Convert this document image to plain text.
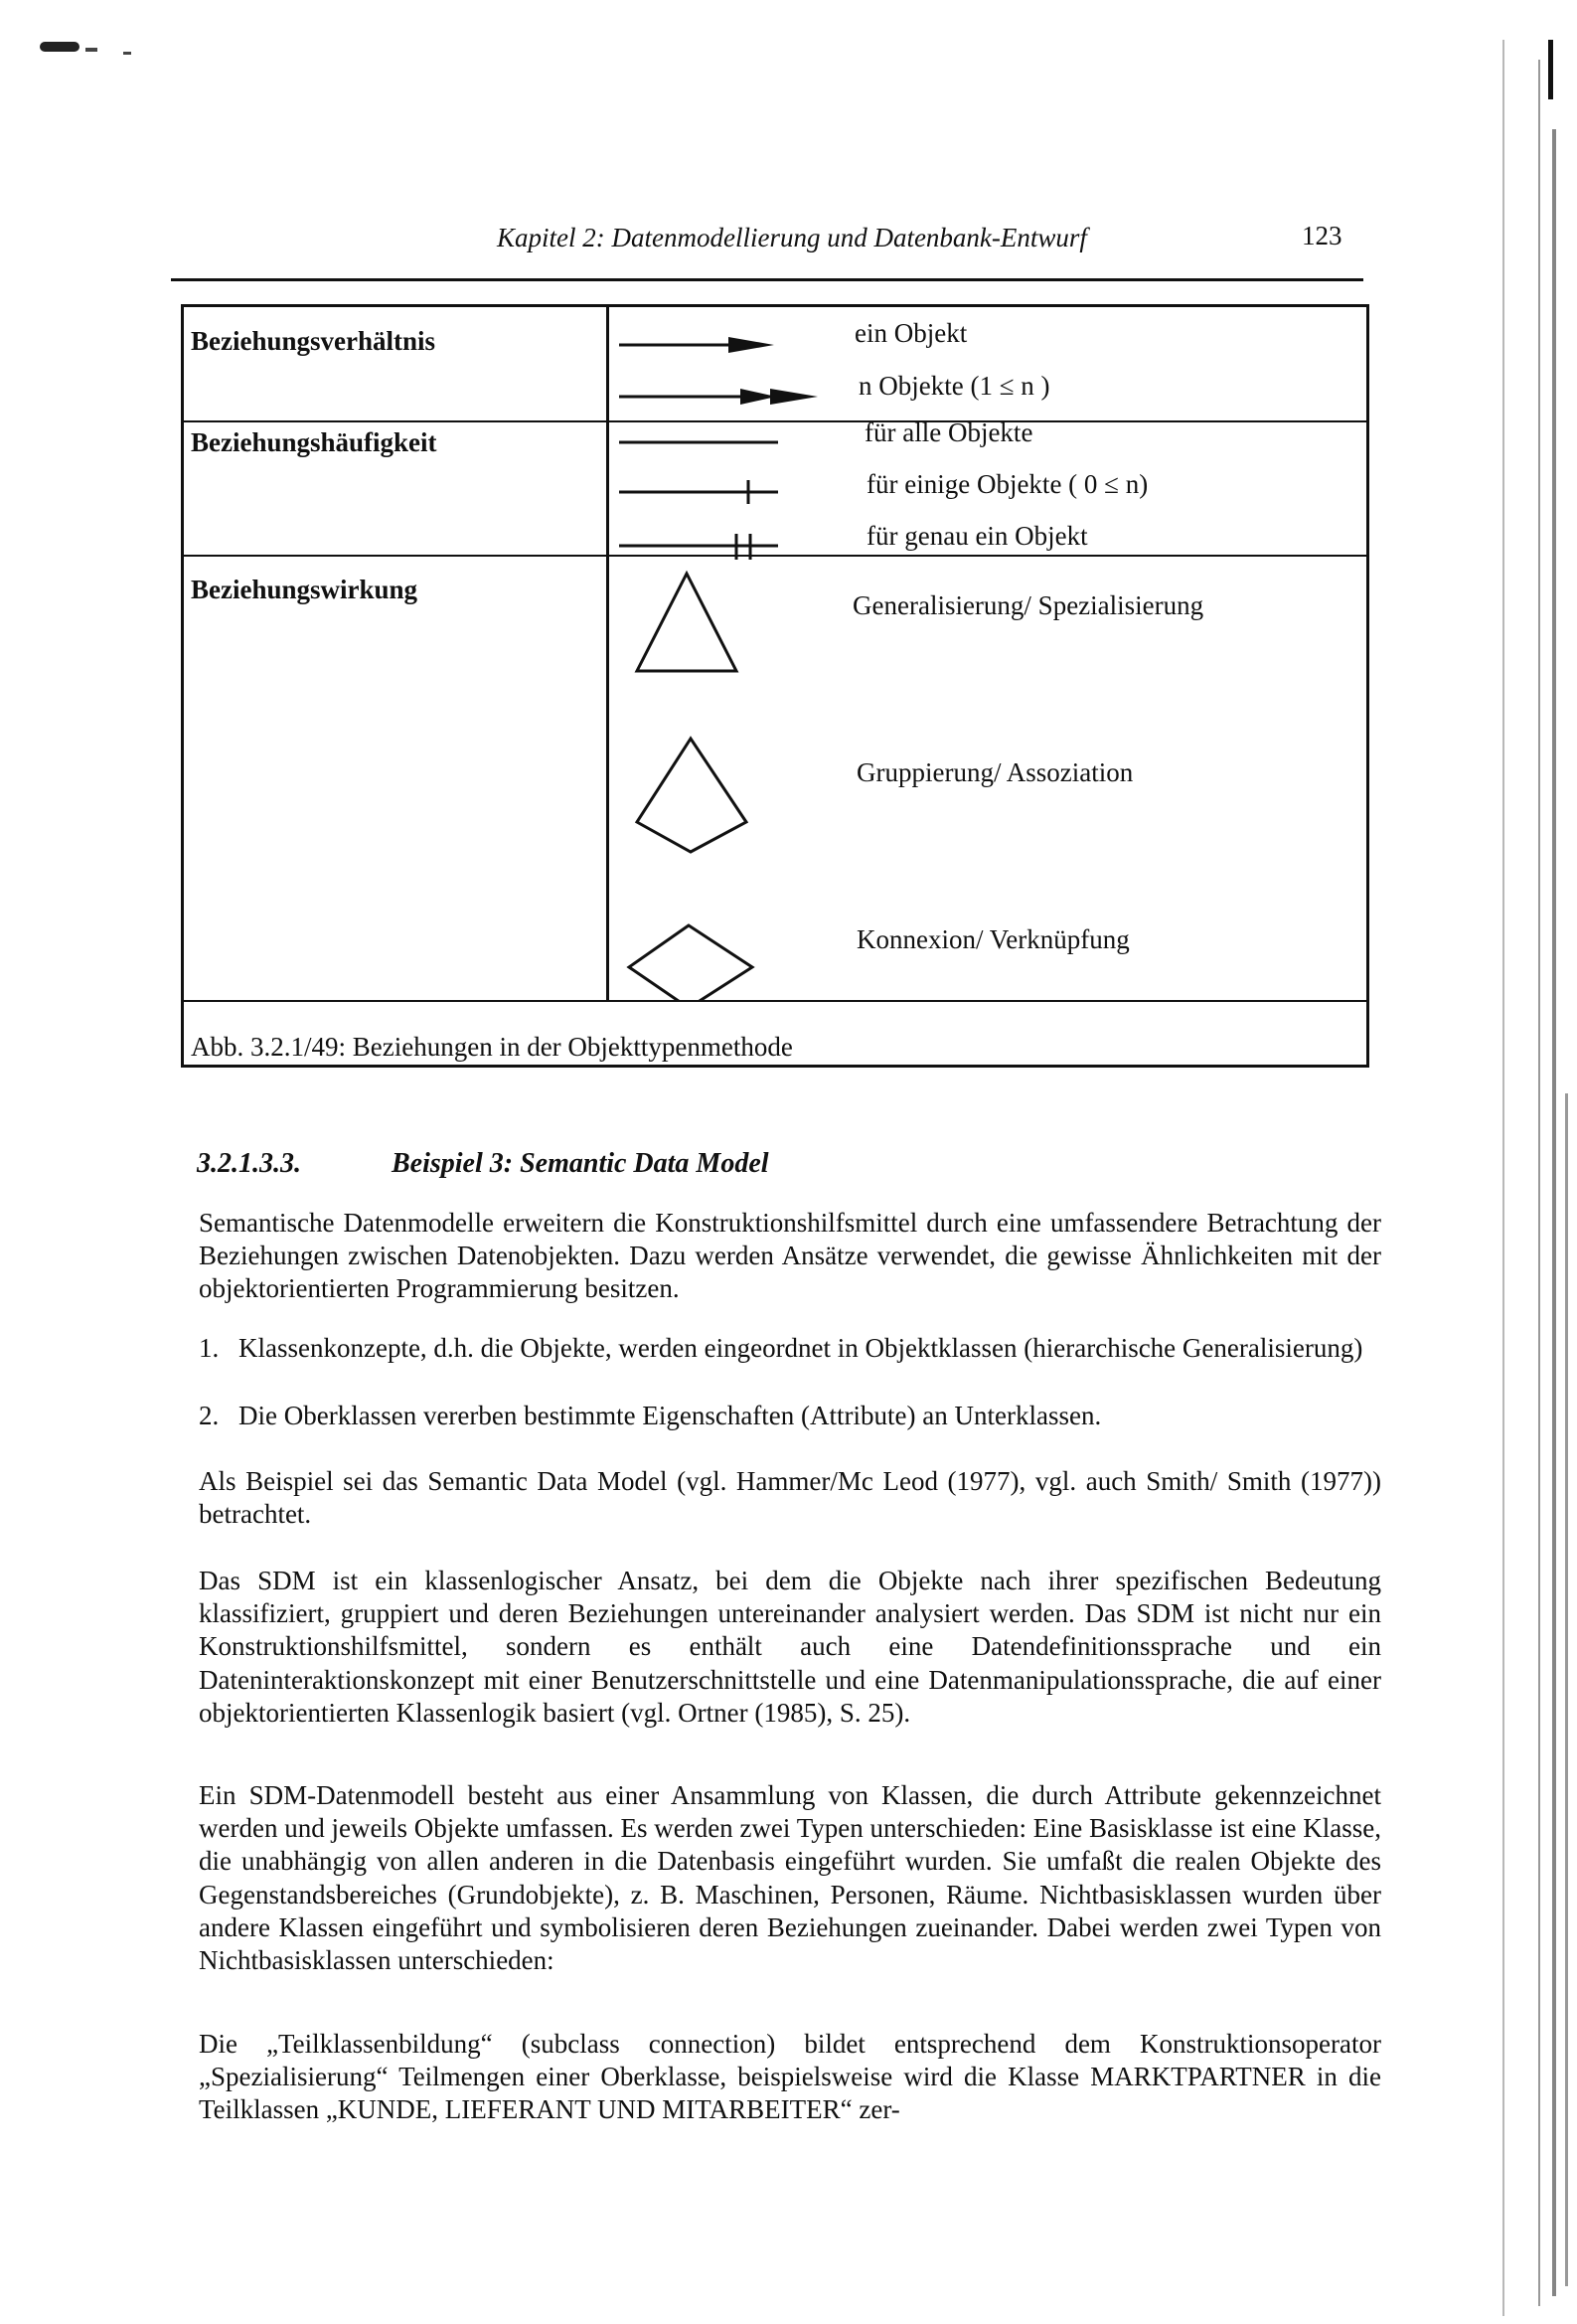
Kapitel 2: Datenmodellierung und Datenbank-Entwurf	123
Beziehungsverhältnis
Beziehungshäufigkeit
Beziehungswirkung
ein Objekt
n Objekte (1 ≤ n )
für alle Objekte
für einige Objekte ( 0 ≤ n)
für genau ein Objekt
Generalisierung/ Spezialisierung
Gruppierung/ Assoziation
Konnexion/ Verknüpfung
Abb. 3.2.1/49: Beziehungen in der Objekttypenmethode
3.2.1.3.3.	Beispiel 3: Semantic Data Model
Semantische Datenmodelle erweitern die Konstruktionshilfsmittel durch eine umfassendere Betrachtung der Beziehungen zwischen Datenobjekten. Dazu werden Ansätze verwendet, die gewisse Ähnlichkeiten mit der objektorientierten Programmierung besitzen.
1. Klassenkonzepte, d.h. die Objekte, werden eingeordnet in Objektklassen (hierarchische Generalisierung)
2. Die Oberklassen vererben bestimmte Eigenschaften (Attribute) an Unterklassen.
Als Beispiel sei das Semantic Data Model (vgl. Hammer/Mc Leod (1977), vgl. auch Smith/ Smith (1977)) betrachtet.
Das SDM ist ein klassenlogischer Ansatz, bei dem die Objekte nach ihrer spezifischen Bedeutung klassifiziert, gruppiert und deren Beziehungen untereinander analysiert werden. Das SDM ist nicht nur ein Konstruktionshilfsmittel, sondern es enthält auch eine Datendefinitionssprache und ein Dateninteraktionskonzept mit einer Benutzerschnittstelle und eine Datenmanipulationssprache, die auf einer objektorientierten Klassenlogik basiert (vgl. Ortner (1985), S. 25).
Ein SDM-Datenmodell besteht aus einer Ansammlung von Klassen, die durch Attribute gekennzeichnet werden und jeweils Objekte umfassen. Es werden zwei Typen unterschieden: Eine Basisklasse ist eine Klasse, die unabhängig von allen anderen in die Datenbasis eingeführt wurden. Sie umfaßt die realen Objekte des Gegenstandsbereiches (Grundobjekte), z. B. Maschinen, Personen, Räume. Nichtbasisklassen wurden über andere Klassen eingeführt und symbolisieren deren Beziehungen zueinander. Dabei werden zwei Typen von Nichtbasisklassen unterschieden:
Die „Teilklassenbildung“ (subclass connection) bildet entsprechend dem Konstruktionsoperator „Spezialisierung“ Teilmengen einer Oberklasse, beispielsweise wird die Klasse MARKTPARTNER in die Teilklassen „KUNDE, LIEFERANT UND MITARBEITER“ zer-
